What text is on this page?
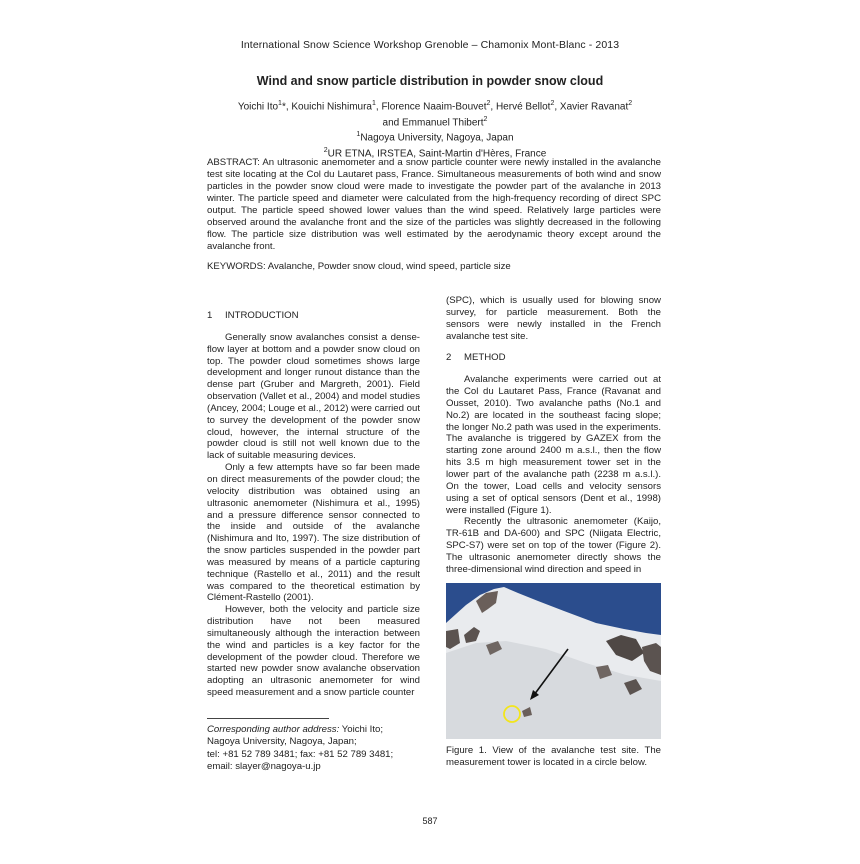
International Snow Science Workshop Grenoble – Chamonix Mont-Blanc - 2013
Wind and snow particle distribution in powder snow cloud
Yoichi Ito$^1$*, Kouichi Nishimura$^1$, Florence Naaim-Bouvet$^2$, Hervé Bellot$^2$, Xavier Ravanat$^2$
and Emmanuel Thibert$^2$
$^1$Nagoya University, Nagoya, Japan
$^2$UR ETNA, IRSTEA, Saint-Martin d'Hères, France
ABSTRACT: An ultrasonic anemometer and a snow particle counter were newly installed in the avalanche test site locating at the Col du Lautaret pass, France. Simultaneous measurements of both wind and snow particles in the powder snow cloud were made to investigate the powder part of the avalanche in 2013 winter. The particle speed and diameter were calculated from the high-frequency recording of direct SPC output. The particle speed showed lower values than the wind speed. Relatively large particles were observed around the avalanche front and the size of the particles was slightly decreased in the following flow. The particle size distribution was well estimated by the aerodynamic theory except around the avalanche front.
KEYWORDS: Avalanche, Powder snow cloud, wind speed, particle size
1 INTRODUCTION

Generally snow avalanches consist a dense-flow layer at bottom and a powder snow cloud on top. The powder cloud sometimes shows large development and longer runout distance than the dense part (Gruber and Margreth, 2001). Field observation (Vallet et al., 2004) and model studies (Ancey, 2004; Louge et al., 2012) were carried out to survey the development of the powder snow cloud, however, the internal structure of the powder cloud is still not well known due to the lack of suitable measuring devices.

Only a few attempts have so far been made on direct measurements of the powder cloud; the velocity distribution was obtained using an ultrasonic anemometer (Nishimura et al., 1995) and a pressure difference sensor connected to the inside and outside of the avalanche (Nishimura and Ito, 1997). The size distribution of the snow particles suspended in the powder part was measured by means of a particle capturing technique (Rastello et al., 2011) and the result was compared to the theoretical estimation by Clément-Rastello (2001).

However, both the velocity and particle size distribution have not been measured simultaneously although the interaction between the wind and particles is a key factor for the development of the powder cloud. Therefore we started new powder snow avalanche observation adopting an ultrasonic anemometer for wind speed measurement and a snow particle counter

(SPC), which is usually used for blowing snow survey, for particle measurement. Both the sensors were newly installed in the French avalanche test site.

2 METHOD

Avalanche experiments were carried out at the Col du Lautaret Pass, France (Ravanat and Ousset, 2010). Two avalanche paths (No.1 and No.2) are located in the southeast facing slope; the longer No.2 path was used in the experiments. The avalanche is triggered by GAZEX from the starting zone around 2400 m a.s.l., then the flow hits 3.5 m high measurement tower set in the lower part of the avalanche path (2238 m a.s.l.). On the tower, Load cells and velocity sensors using a set of optical sensors (Dent et al., 1998) were installed (Figure 1).

Recently the ultrasonic anemometer (Kaijo, TR-61B and DA-600) and SPC (Niigata Electric, SPC-S7) were set on top of the tower (Figure 2). The ultrasonic anemometer directly shows the three-dimensional wind direction and speed in

Figure 1. View of the avalanche test site. The measurement tower is located in a circle below.
Corresponding author address: Yoichi Ito;
Nagoya University, Nagoya, Japan;
tel: +81 52 789 3481; fax: +81 52 789 3481;
email: slayer@nagoya-u.jp
587
